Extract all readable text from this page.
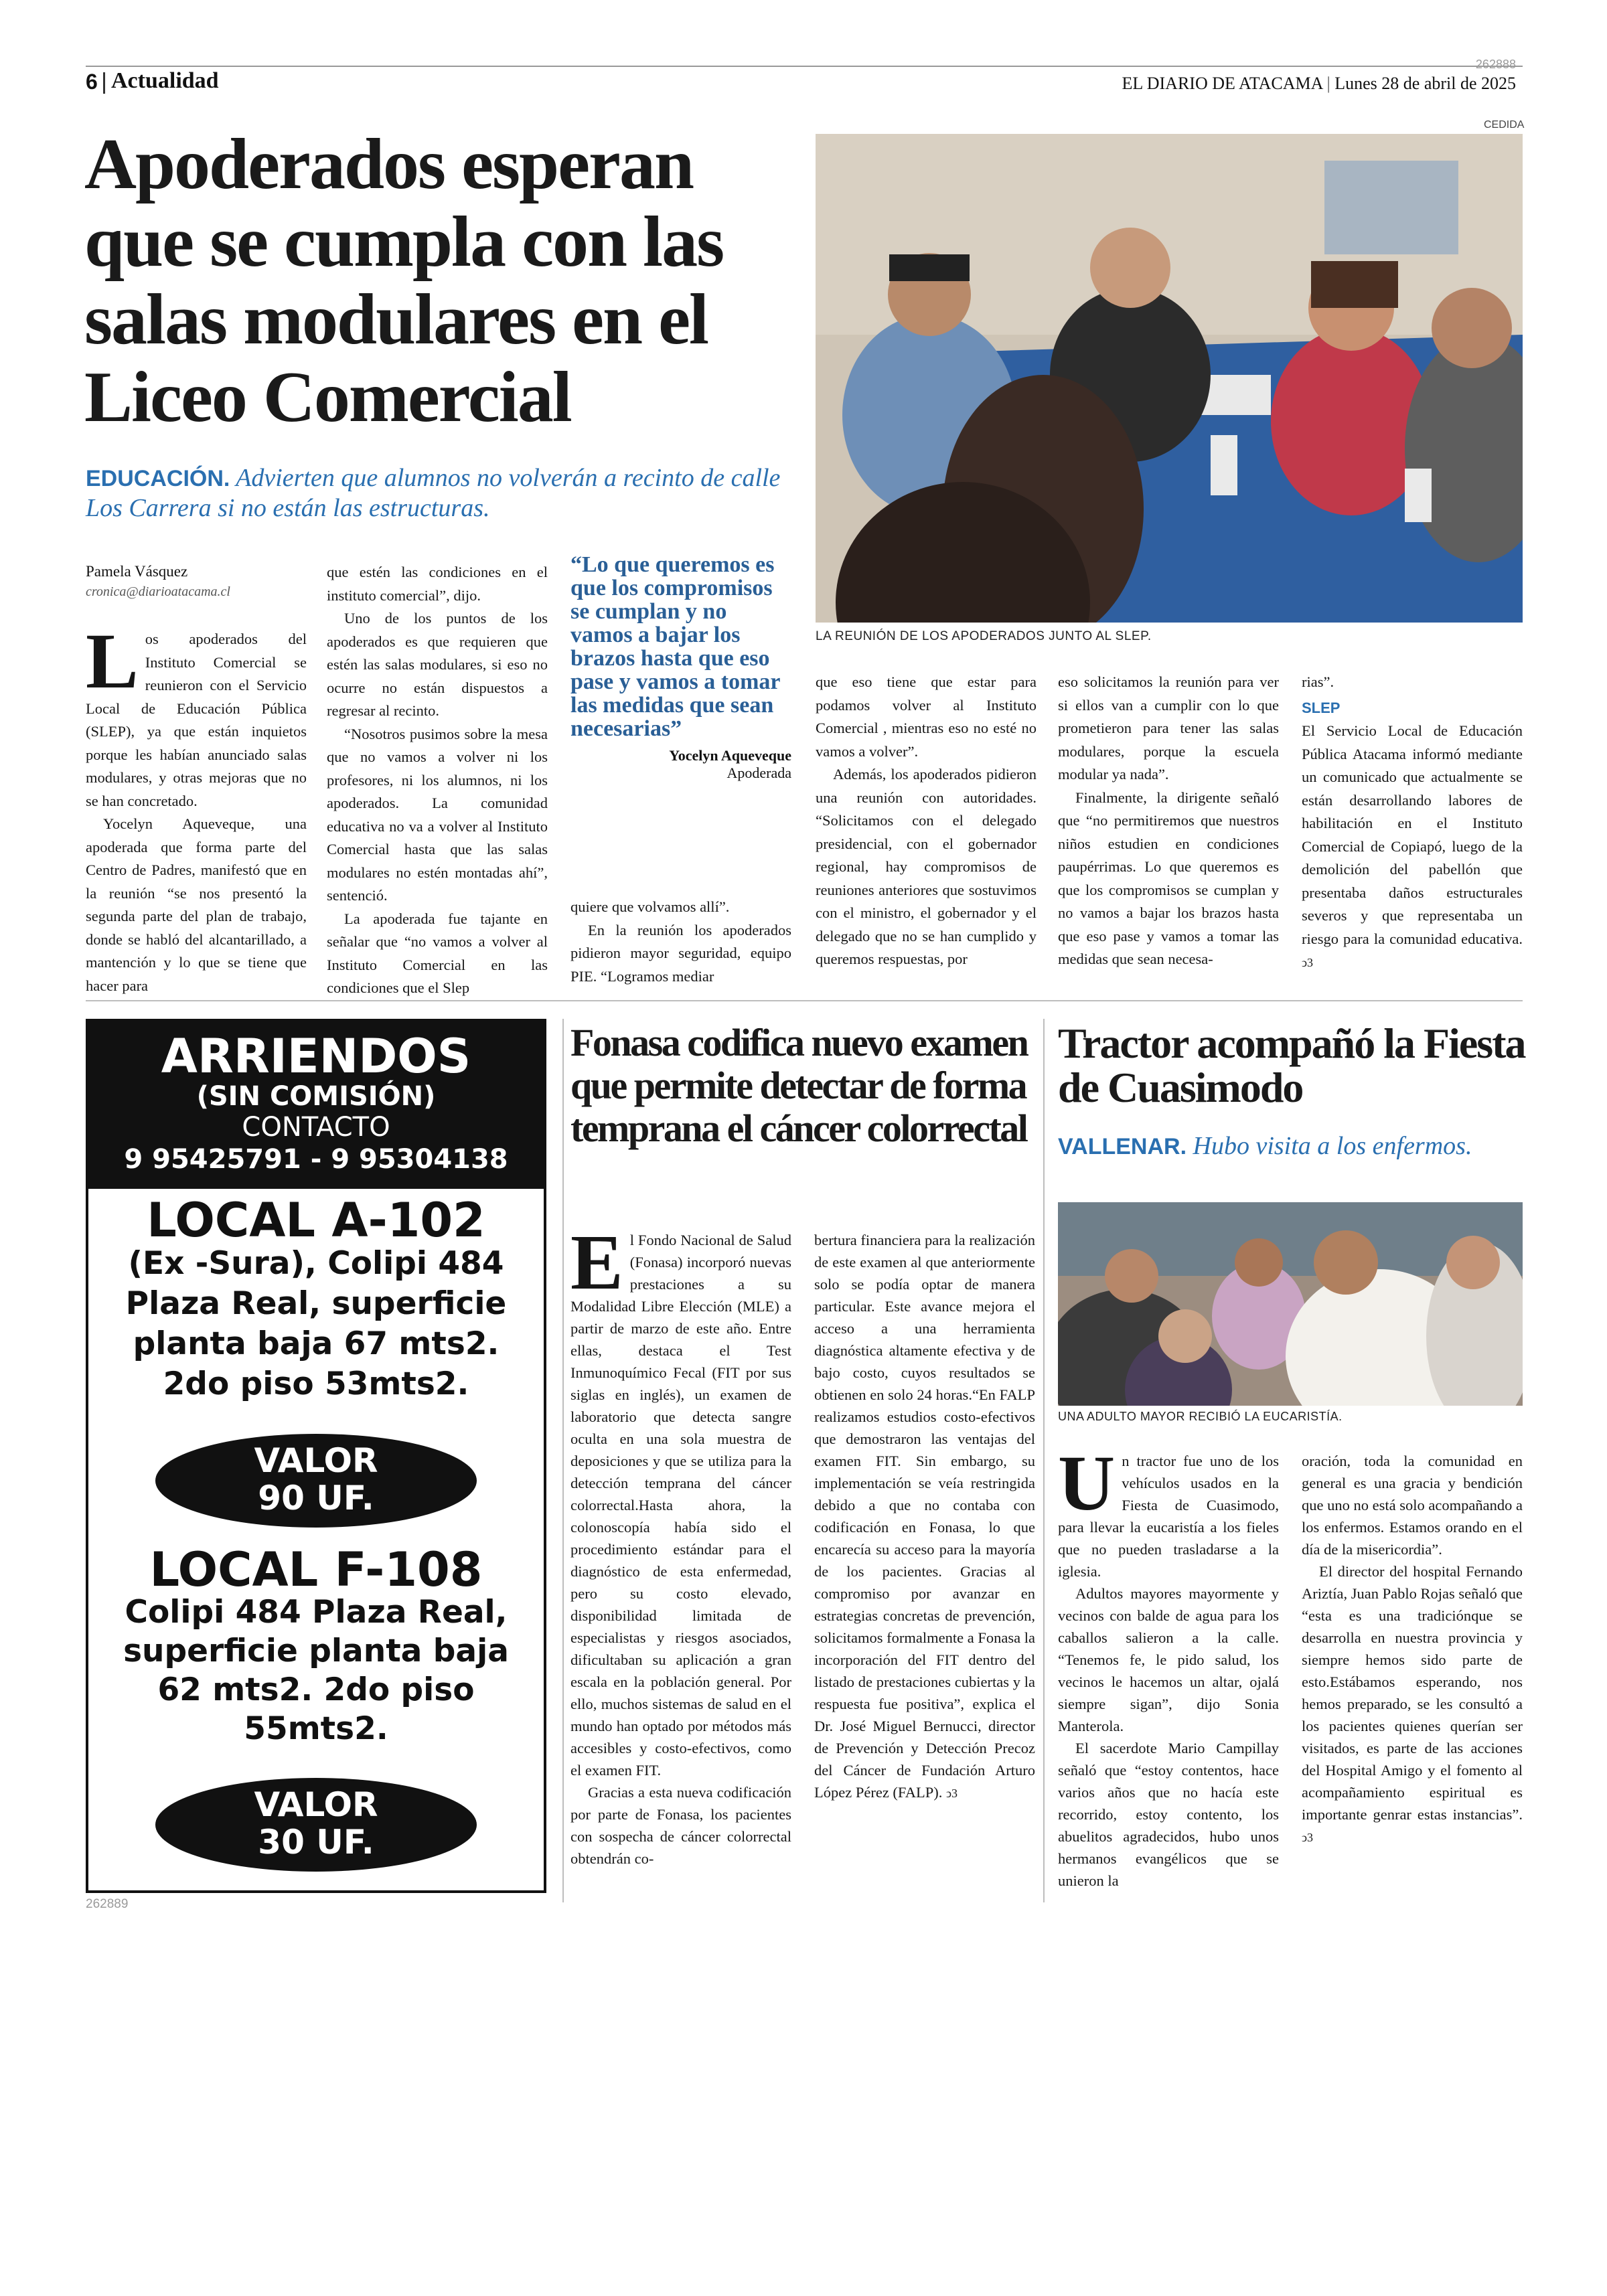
6 Actualidad	EL DIARIO DE ATACAMA | Lunes 28 de abril de 2025
262888
Apoderados esperan que se cumpla con las salas modulares en el Liceo Comercial
EDUCACIÓN. Advierten que alumnos no volverán a recinto de calle Los Carrera si no están las estructuras.
CEDIDA
LA REUNIÓN DE LOS APODERADOS JUNTO AL SLEP.
Pamela Vásquez
cronica@diarioatacama.cl

Los apoderados del Instituto Comercial se reunieron con el Servicio Local de Educación Pública (SLEP), ya que están inquietos porque les habían anunciado salas modulares, y otras mejoras que no se han concretado.

Yocelyn Aqueveque, una apoderada que forma parte del Centro de Padres, manifestó que en la reunión “se nos presentó la segunda parte del plan de trabajo, donde se habló del alcantarillado, a mantención y lo que se tiene que hacer para

que estén las condiciones en el instituto comercial”, dijo.

Uno de los puntos de los apoderados es que requieren que estén las salas modulares, si eso no ocurre no están dispuestos a regresar al recinto.

“Nosotros pusimos sobre la mesa que no vamos a volver ni los profesores, ni los alumnos, ni los apoderados. La comunidad educativa no va a volver al Instituto Comercial hasta que las salas modulares no estén montadas ahí”, sentenció.

La apoderada fue tajante en señalar que “no vamos a volver al Instituto Comercial en las condiciones que el Slep

“Lo que queremos es que los compromisos se cumplan y no vamos a bajar los brazos hasta que eso pase y vamos a tomar las medidas que sean necesarias”
Yocelyn Aqueveque
Apoderada

quiere que volvamos allí”.

En la reunión los apoderados pidieron mayor seguridad, equipo PIE. “Logramos mediar

que eso tiene que estar para podamos volver al Instituto Comercial , mientras eso no esté no vamos a volver”.

Además, los apoderados pidieron una reunión con autoridades. “Solicitamos con el delegado presidencial, con el gobernador regional, hay compromisos de reuniones anteriores que sostuvimos con el ministro, el gobernador y el delegado que no se han cumplido y queremos respuestas, por

eso solicitamos la reunión para ver si ellos van a cumplir con lo que prometieron para tener las salas modulares, porque la escuela modular ya nada”.

Finalmente, la dirigente señaló que “no permitiremos que nuestros niños estudien en condiciones paupérrimas. Lo que queremos es que los compromisos se cumplan y no vamos a bajar los brazos hasta que eso pase y vamos a tomar las medidas que sean necesa-

rias”.

SLEP

El Servicio Local de Educación Pública Atacama informó mediante un comunicado que actualmente se están desarrollando labores de habilitación en el Instituto Comercial de Copiapó, luego de la demolición del pabellón que presentaba daños estructurales severos y que representaba un riesgo para la comunidad educativa. ↄ3

ARRIENDOS
(SIN COMISIÓN)
CONTACTO
9 95425791 - 9 95304138
LOCAL A-102
(Ex -Sura), Colipi 484
Plaza Real, superficie
planta baja 67 mts2.
2do piso 53mts2.
VALOR
90 UF.
LOCAL F-108
Colipi 484 Plaza Real,
superficie planta baja
62 mts2. 2do piso
55mts2.
VALOR
30 UF.
262889
Fonasa codifica nuevo examen que permite detectar de forma temprana el cáncer colorrectal

El Fondo Nacional de Salud (Fonasa) incorporó nuevas prestaciones a su Modalidad Libre Elección (MLE) a partir de marzo de este año. Entre ellas, destaca el Test Inmunoquímico Fecal (FIT por sus siglas en inglés), un examen de laboratorio que detecta sangre oculta en una sola muestra de deposiciones y que se utiliza para la detección temprana del cáncer colorrectal.Hasta ahora, la colonoscopía había sido el procedimiento estándar para el diagnóstico de esta enfermedad, pero su costo elevado, disponibilidad limitada de especialistas y riesgos asociados, dificultaban su aplicación a gran escala en la población general. Por ello, muchos sistemas de salud en el mundo han optado por métodos más accesibles y costo-efectivos, como el examen FIT.

Gracias a esta nueva codificación por parte de Fonasa, los pacientes con sospecha de cáncer colorrectal obtendrán co-

bertura financiera para la realización de este examen al que anteriormente solo se podía optar de manera particular. Este avance mejora el acceso a una herramienta diagnóstica altamente efectiva y de bajo costo, cuyos resultados se obtienen en solo 24 horas.“En FALP realizamos estudios costo-efectivos que demostraron las ventajas del examen FIT. Sin embargo, su implementación se veía restringida debido a que no contaba con codificación en Fonasa, lo que encarecía su acceso para la mayoría de los pacientes. Gracias al compromiso por avanzar en estrategias concretas de prevención, solicitamos formalmente a Fonasa la incorporación del FIT dentro del listado de prestaciones cubiertas y la respuesta fue positiva”, explica el Dr. José Miguel Bernucci, director de Prevención y Detección Precoz del Cáncer de Fundación Arturo López Pérez (FALP). ↄ3

Tractor acompañó la Fiesta de Cuasimodo
VALLENAR. Hubo visita a los enfermos.
UNA ADULTO MAYOR RECIBIÓ LA EUCARISTÍA.

Un tractor fue uno de los vehículos usados en la Fiesta de Cuasimodo, para llevar la eucaristía a los fieles que no pueden trasladarse a la iglesia.

Adultos mayores mayormente y vecinos con balde de agua para los caballos salieron a la calle. “Tenemos fe, le pido salud, los vecinos le hacemos un altar, ojalá siempre sigan”, dijo Sonia Manterola.

El sacerdote Mario Campillay señaló que “estoy contentos, hace varios años que no hacía este recorrido, estoy contento, los abuelitos agradecidos, hubo unos hermanos evangélicos que se unieron la

oración, toda la comunidad en general es una gracia y bendición que uno no está solo acompañando a los enfermos. Estamos orando en el día de la misericordia”.

El director del hospital Fernando Ariztía, Juan Pablo Rojas señaló que “esta es una tradiciónque se desarrolla en nuestra provincia y siempre hemos sido parte de esto.Estábamos esperando, nos hemos preparado, se les consultó a los pacientes quienes querían ser visitados, es parte de las acciones del Hospital Amigo y el fomento al acompañamiento espiritual es importante genrar estas instancias”. ↄ3
